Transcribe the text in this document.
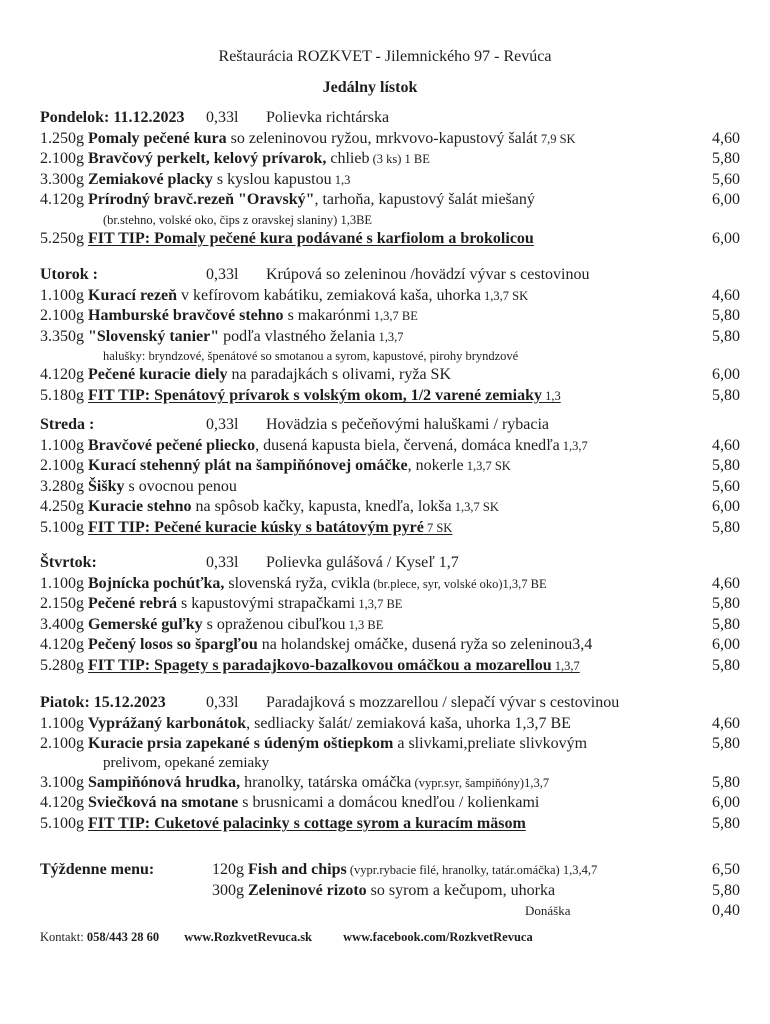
Reštaurácia ROZKVET - Jilemnického 97 - Revúca
Jedálny lístok
Pondelok: 11.12.2023 0,33l Polievka richtárska
1.250g Pomaly pečené kura so zeleninovou ryžou, mrkvovo-kapustový šalát 7,9 SK	4,60
2.100g Bravčový perkelt, kelový prívarok, chlieb (3 ks) 1 BE	5,80
3.300g Zemiakové placky s kyslou kapustou 1,3	5,60
4.120g Prírodný bravč.rezeň "Oravský", tarhoňa, kapustový šalát miešaný	6,00
(br.stehno, volské oko, čips z oravskej slaniny) 1,3BE
5.250g FIT TIP: Pomaly pečené kura podávané s karfiolom a brokolicou	6,00
Utorok :	0,33l Krúpová so zeleninou /hovädzí vývar s cestovinou
1.100g Kurací rezeň v kefírovom kabátiku, zemiaková kaša, uhorka 1,3,7 SK	4,60
2.100g Hamburské bravčové stehno s makarónmi 1,3,7 BE	5,80
3.350g "Slovenský tanier" podľa vlastného želania 1,3,7	5,80
halušky: bryndzové, špenátové so smotanou a syrom, kapustové, pirohy bryndzové
4.120g Pečené kuracie diely na paradajkách s olivami, ryža SK	6,00
5.180g FIT TIP: Spenátový prívarok s volským okom, 1/2 varené zemiaky 1,3	5,80
Streda :	0,33l Hovädzia s pečeňovými haluškami / rybacia
1.100g Bravčové pečené pliecko, dusená kapusta biela, červená, domáca knedľa 1,3,7	4,60
2.100g Kurací stehenný plát na šampiňónovej omáčke, nokerle 1,3,7 SK	5,80
3.280g Šišky s ovocnou penou	5,60
4.250g Kuracie stehno na spôsob kačky, kapusta, knedľa, lokša 1,3,7 SK	6,00
5.100g FIT TIP: Pečené kuracie kúsky s batátovým pyré 7 SK	5,80
Štvrtok:	0,33l Polievka gulášová / Kyseľ 1,7
1.100g Bojnícka pochúťka, slovenská ryža, cvikla (br.plece, syr, volské oko)1,3,7 BE	4,60
2.150g Pečené rebrá s kapustovými strapačkami 1,3,7 BE	5,80
3.400g Gemerské guľky s opraženou cibuľkou 1,3 BE	5,80
4.120g Pečený losos so špargľou na holandskej omáčke, dusená ryža so zeleninou3,4	6,00
5.280g FIT TIP: Spagety s paradajkovo-bazalkovou omáčkou a mozarellou 1,3,7	5,80
Piatok: 15.12.2023	0,33l Paradajková s mozzarellou / slepačí vývar s cestovinou
1.100g Vyprážaný karbonátok, sedliacky šalát/ zemiaková kaša, uhorka 1,3,7 BE	4,60
2.100g Kuracie prsia zapekané s údeným oštiepkom a slivkami,preliate slivkovým	5,80
prelivom, opekané zemiaky
3.100g Sampiňónová hrudka, hranolky, tatárska omáčka (vypr.syr, šampiňóny)1,3,7	5,80
4.120g Sviečková na smotane s brusnicami a domácou knedľou / kolienkami	6,00
5.100g FIT TIP: Cuketové palacinky s cottage syrom a kuracím mäsom	5,80
Týždenne menu:	120g Fish and chips (vypr.rybacie filé, hranolky, tatár.omáčka) 1,3,4,7	6,50
300g Zeleninové rizoto so syrom a kečupom, uhorka	5,80
Donáška	0,40
Kontakt: 058/443 28 60 www.RozkvetRevuca.sk www.facebook.com/RozkvetRevuca
